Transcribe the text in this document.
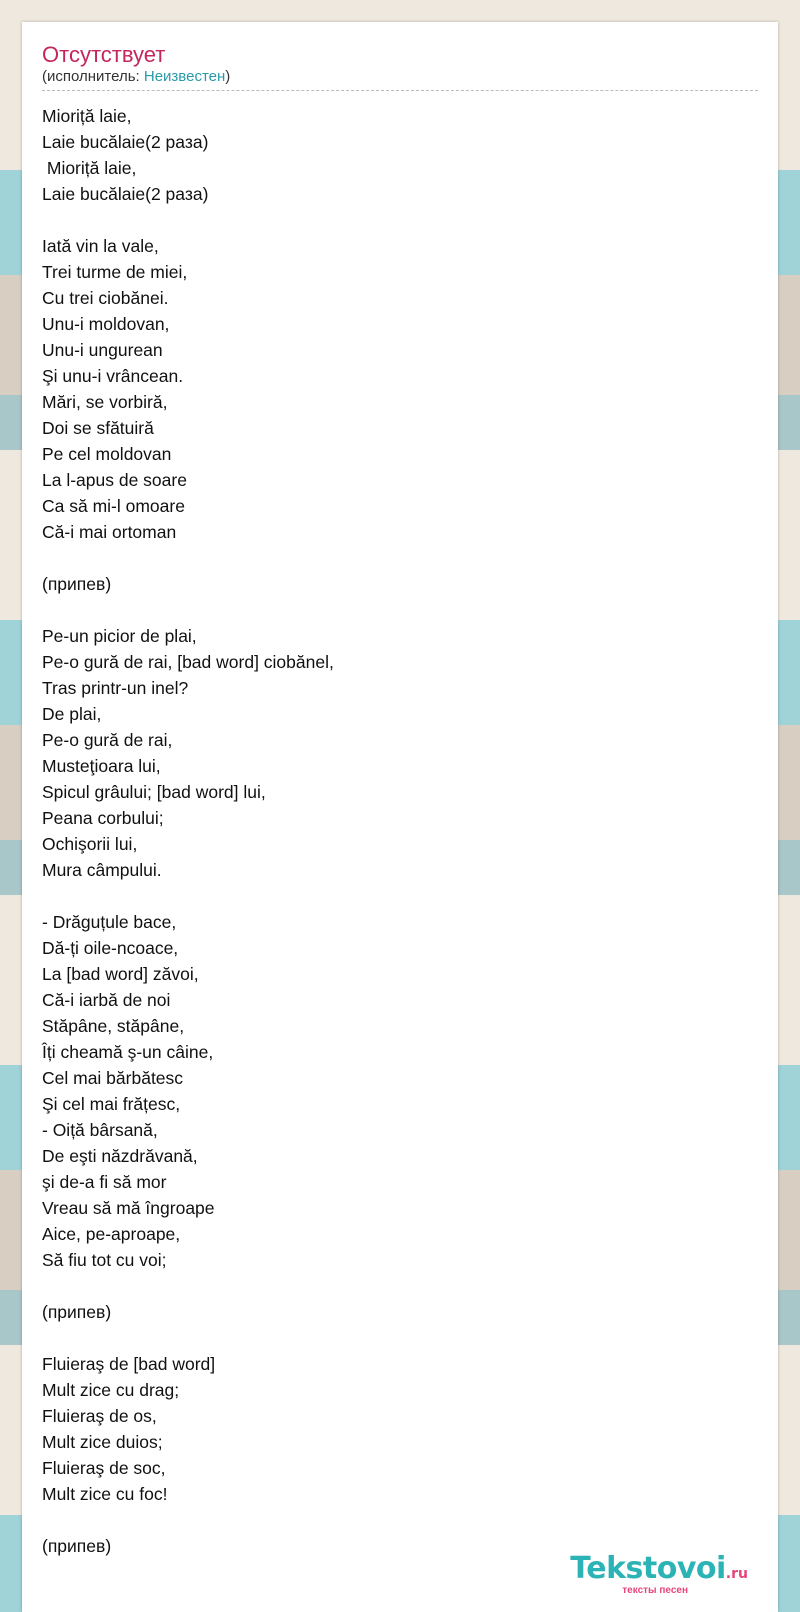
Отсутствует
(исполнитель: Неизвестен)
Mioriță laie,
Laie bucălaie(2 раза)
Mioriță laie,
Laie bucălaie(2 раза)
Iată vin la vale,
Trei turme de miei,
Cu trei ciobănei.
Unu-i moldovan,
Unu-i ungurean
Şi unu-i vrâncean.
Mări, se vorbiră,
Doi se sfătuiră
Pe cel moldovan
La l-apus de soare
Ca să mi-l omoare
Că-i mai ortoman
(припев)
Pe-un picior de plai,
Pe-o gură de rai, [bad word] ciobănel,
Tras printr-un inel?
De plai,
Pe-o gură de rai,
Musteţioara lui,
Spicul grâului; [bad word] lui,
Peana corbului;
Ochişorii lui,
Mura câmpului.
- Drăguțule bace,
Dă-ți oile-ncoace,
La [bad word] zăvoi,
Că-i iarbă de noi
Stăpâne, stăpâne,
Îți cheamă ş-un câine,
Cel mai bărbătesc
Şi cel mai frățesc,
- Oiță bârsană,
De eşti năzdrăvană,
şi de-a fi să mor
Vreau să mă îngroape
Aice, pe-aproape,
Să fiu tot cu voi;
(припев)
Fluieraş de [bad word]
Mult zice cu drag;
Fluieraş de os,
Mult zice duios;
Fluieraş de soc,
Mult zice cu foc!
(припев)
Tekstovoi.ru
тексты песен
